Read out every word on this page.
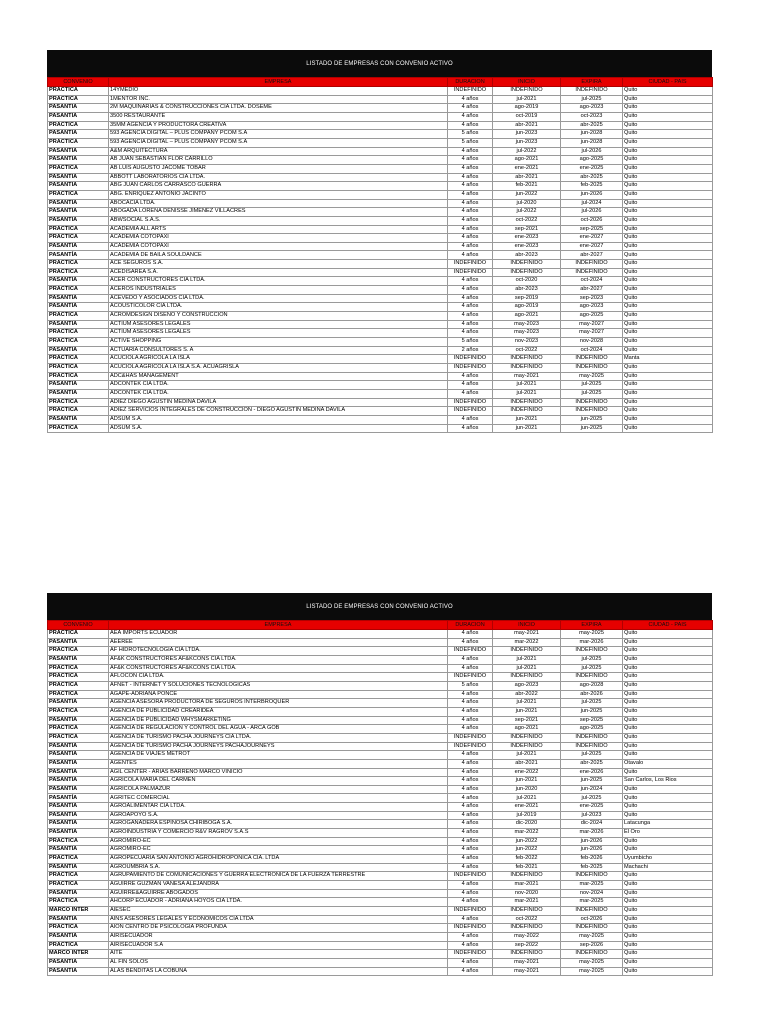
LISTADO DE EMPRESAS CON CONVENIO ACTIVO
CONVENIO	EMPRESA	DURACION	INICIO	EXPIRA	CIUDAD - PAIS
PRÁCTICA	14YMEDIO	INDEFINIDO	INDEFINIDO	INDEFINIDO	Quito
PRÁCTICA	1MENTOR INC.	4 años	jul-2021	jul-2025	Quito
PASANTÍA	2M MAQUINARIAS & CONSTRUCCIONES CIA LTDA. DOSEME	4 años	ago-2019	ago-2023	Quito
PASANTÍA	3500 RESTAURANTE	4 años	oct-2019	oct-2023	Quito
PRÁCTICA	35MM AGENCIA Y PRODUCTORA CREATIVA	4 años	abr-2021	abr-2025	Quito
PASANTÍA	593 AGENCIA DIGITAL – PLUS COMPANY PCOM S.A	5 años	jun-2023	jun-2028	Quito
PRÁCTICA	593 AGENCIA DIGITAL – PLUS COMPANY PCOM S.A	5 años	jun-2023	jun-2028	Quito
PASANTÍA	A&M ARQUITECTURA	4 años	jul-2022	jul-2026	Quito
PASANTÍA	AB JUAN SEBASTIAN FLOR CARRILLO	4 años	ago-2021	ago-2025	Quito
PRÁCTICA	AB LUIS AUGUSTO JACOME TOBAR	4 años	ene-2021	ene-2025	Quito
PASANTÍA	ABBOTT LABORATORIOS CIA LTDA.	4 años	abr-2021	abr-2025	Quito
PASANTÍA	ABG JUAN CARLOS CARRASCO GUERRA	4 años	feb-2021	feb-2025	Quito
PRÁCTICA	ABG. ENRIQUEZ ANTONIO JACINTO	4 años	jun-2022	jun-2026	Quito
PASANTÍA	ABOCACIA LTDA.	4 años	jul-2020	jul-2024	Quito
PASANTÍA	ABOGADA LORENA DENISSE JIMENEZ VILLACRES	4 años	jul-2022	jul-2026	Quito
PASANTÍA	ABWSOCIAL S.A.S.	4 años	oct-2022	oct-2026	Quito
PRÁCTICA	ACADEMIA ALL ARTS	4 años	sep-2021	sep-2025	Quito
PRÁCTICA	ACADEMIA COTOPAXI	4 años	ene-2023	ene-2027	Quito
PASANTÍA	ACADEMIA COTOPAXI	4 años	ene-2023	ene-2027	Quito
PASANTÍA	ACADEMIA DE BAILA SOULDANCE	4 años	abr-2023	abr-2027	Quito
PRÁCTICA	ACE SEGUROS S.A.	INDEFINIDO	INDEFINIDO	INDEFINIDO	Quito
PRÁCTICA	ACEDISAREA S.A.	INDEFINIDO	INDEFINIDO	INDEFINIDO	Quito
PASANTÍA	ACER CONSTRUCTORES CIA LTDA.	4 años	oct-2020	oct-2024	Quito
PRÁCTICA	ACEROS INDUSTRIALES	4 años	abr-2023	abr-2027	Quito
PASANTÍA	ACEVEDO Y ASOCIADOS CIA LTDA.	4 años	sep-2019	sep-2023	Quito
PASANTÍA	ACOUSTICOLOR CIA LTDA.	4 años	ago-2019	ago-2023	Quito
PRÁCTICA	ACROMDESIGN DISEÑO Y CONSTRUCCION	4 años	ago-2021	ago-2025	Quito
PASANTÍA	ACTIUM ASESORES LEGALES	4 años	may-2023	may-2027	Quito
PRÁCTICA	ACTIUM ASESORES LEGALES	4 años	may-2023	may-2027	Quito
PRÁCTICA	ACTIVE SHOPPING	5 años	nov-2023	nov-2028	Quito
PASANTÍA	ACTUARIA CONSULTORES S. A	2 años	oct-2022	oct-2024	Quito
PRÁCTICA	ACUCIOLA AGRICOLA LA ISLA	INDEFINIDO	INDEFINIDO	INDEFINIDO	Manta
PRÁCTICA	ACUCIOLA AGRICOLA LA ISLA S.A. ACUAGRISLA	INDEFINIDO	INDEFINIDO	INDEFINIDO	Quito
PRÁCTICA	ADC&HAS MANAGEMENT	4 años	may-2021	may-2025	Quito
PASANTÍA	ADCONTEK CIA LTDA.	4 años	jul-2021	jul-2025	Quito
PASANTÍA	ADCONTEK CIA LTDA.	4 años	jul-2021	jul-2025	Quito
PRÁCTICA	ADIEZ DIEGO AGUSTIN MEDINA DAVILA	INDEFINIDO	INDEFINIDO	INDEFINIDO	Quito
PRÁCTICA	ADIEZ SERVICIOS INTEGRALES DE CONSTRUCCION - DIEGO AGUSTIN MEDINA DAVILA	INDEFINIDO	INDEFINIDO	INDEFINIDO	Quito
PASANTÍA	ADSUM S.A.	4 años	jun-2021	jun-2025	Quito
PRÁCTICA	ADSUM S.A.	4 años	jun-2021	jun-2025	Quito
LISTADO DE EMPRESAS CON CONVENIO ACTIVO
CONVENIO	EMPRESA	DURACION	INICIO	EXPIRA	CIUDAD - PAIS
PRÁCTICA	AEA IMPORTS ECUADOR	4 años	may-2021	may-2025	Quito
PASANTÍA	AEEREE	4 años	mar-2022	mar-2026	Quito
PRÁCTICA	AF HIDROTECNOLOGIA CIA LTDA.	INDEFINIDO	INDEFINIDO	INDEFINIDO	Quito
PASANTÍA	AF&K CONSTRUCTORES AF&KCONS CIA LTDA.	4 años	jul-2021	jul-2025	Quito
PRÁCTICA	AF&K CONSTRUCTORES AF&KCONS CIA LTDA.	4 años	jul-2021	jul-2025	Quito
PRÁCTICA	AFLOCON CIA LTDA.	INDEFINIDO	INDEFINIDO	INDEFINIDO	Quito
PRÁCTICA	AFNET - INTERNET Y SOLUCIONES TECNOLOGICAS	5 años	ago-2023	ago-2028	Quito
PRÁCTICA	AGAPE-ADRIANA PONCE	4 años	abr-2022	abr-2026	Quito
PASANTÍA	AGENCIA ASESORA PRODUCTORA DE SEGUROS INTERBROQUER	4 años	jul-2021	jul-2025	Quito
PRÁCTICA	AGENCIA DE PUBLICIDAD CREARIDEA	4 años	jun-2021	jun-2025	Quito
PASANTÍA	AGENCIA DE PUBLICIDAD WHYSMARKETING	4 años	sep-2021	sep-2025	Quito
PRÁCTICA	AGENCIA DE REGULACION Y CONTROL DEL AGUA - ARCA GOB	4 años	ago-2021	ago-2025	Quito
PRÁCTICA	AGENCIA DE TURISMO PACHA JOURNEYS CIA LTDA.	INDEFINIDO	INDEFINIDO	INDEFINIDO	Quito
PASANTÍA	AGENCIA DE TURISMO PACHA JOURNEYS PACHAJOURNEYS	INDEFINIDO	INDEFINIDO	INDEFINIDO	Quito
PASANTÍA	AGENCIA DE VIAJES METROT	4 años	jul-2021	jul-2025	Quito
PASANTÍA	AGENTES	4 años	abr-2021	abr-2025	Otavalo
PASANTÍA	AGIL CENTER - ARIAS BARRENO MARCO VINICIO	4 años	ene-2022	ene-2026	Quito
PASANTÍA	AGRICOLA MARIA DEL CARMEN	4 años	jun-2021	jun-2025	San Carlos, Los Rios
PASANTÍA	AGRICOLA PALMAZUR	4 años	jun-2020	jun-2024	Quito
PASANTÍA	AGRITEC COMERCIAL	4 años	jul-2021	jul-2025	Quito
PASANTÍA	AGROALIMENTAR CIA LTDA.	4 años	ene-2021	ene-2025	Quito
PASANTÍA	AGROAPOYO S.A.	4 años	jul-2019	jul-2023	Quito
PASANTÍA	AGROGANADERA ESPINOSA CHIRIBOGA S.A.	4 años	dic-2020	dic-2024	Latacunga
PASANTÍA	AGROINDUSTRIA Y COMERCIO R&V RAGROV S.A.S	4 años	mar-2022	mar-2026	El Oro
PRÁCTICA	AGROMIRO-EC	4 años	jun-2022	jun-2026	Quito
PASANTÍA	AGROMIRO-EC	4 años	jun-2022	jun-2026	Quito
PRÁCTICA	AGROPECUARIA SAN ANTONIO AGROHIDROPONICA CIA. LTDA	4 años	feb-2022	feb-2026	Uyumbicho
PASANTÍA	AGROUMBRIA S.A.	4 años	feb-2021	feb-2025	Machachi
PRÁCTICA	AGRUPAMIENTO DE COMUNICACIONES Y GUERRA ELECTRONICA DE LA FUERZA TERRESTRE	INDEFINIDO	INDEFINIDO	INDEFINIDO	Quito
PRÁCTICA	AGUIRRE GUZMÁN VANESA ALEJANDRA	4 años	mar-2021	mar-2025	Quito
PASANTÍA	AGUIRRE&AGUIRRE ABOGADOS	4 años	nov-2020	nov-2024	Quito
PRÁCTICA	AHCORP ECUADOR - ADRIANA HOYOS CIA LTDA.	4 años	mar-2021	mar-2025	Quito
MARCO INTER	AIESEC	INDEFINIDO	INDEFINIDO	INDEFINIDO	Quito
PASANTÍA	AINS ASESORES LEGALES Y ECONOMICOS CIA LTDA	4 años	oct-2022	oct-2026	Quito
PRÁCTICA	AION CENTRO DE PSICOLOGIA PROFUNDA	INDEFINIDO	INDEFINIDO	INDEFINIDO	Quito
PASANTÍA	AIRISECUADOR	4 años	may-2022	may-2025	Quito
PRÁCTICA	AIRISECUADOR S.A	4 años	sep-2022	sep-2026	Quito
MARCO INTER	AITE	INDEFINIDO	INDEFINIDO	INDEFINIDO	Quito
PASANTÍA	AL FIN SOLOS	4 años	may-2021	may-2025	Quito
PASANTÍA	ALAS BENDITAS LA COBUNA	4 años	may-2021	may-2025	Quito
